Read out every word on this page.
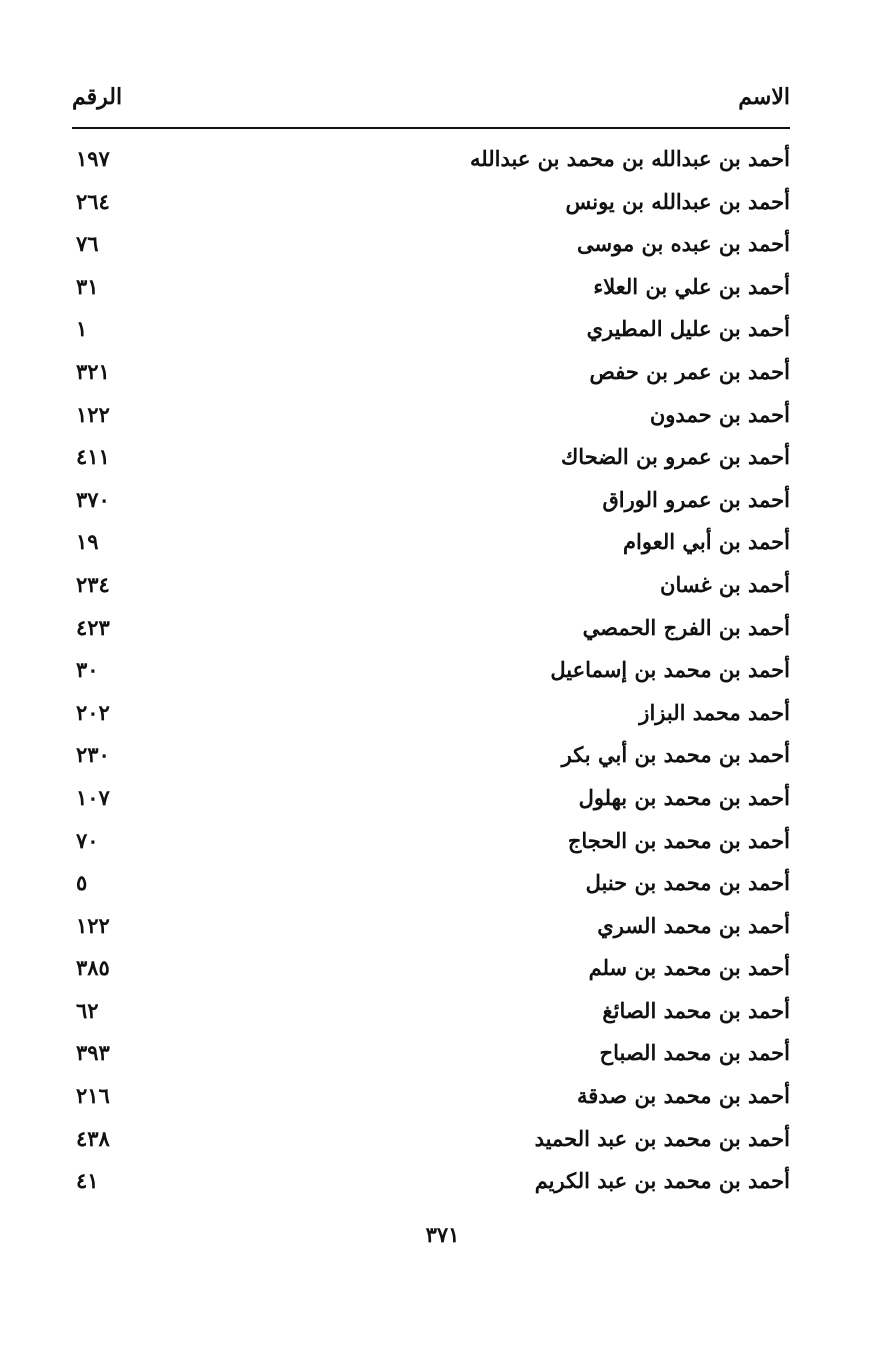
الاسم
الرقم
أحمد بن عبدالله بن محمد بن عبدالله
١٩٧
أحمد بن عبدالله بن يونس
٢٦٤
أحمد بن عبده بن موسى
٧٦
أحمد بن علي بن العلاء
٣١
أحمد بن عليل المطيري
١
أحمد بن عمر بن حفص
٣٢١
أحمد بن حمدون
١٢٢
أحمد بن عمرو بن الضحاك
٤١١
أحمد بن عمرو الوراق
٣٧٠
أحمد بن أبي العوام
١٩
أحمد بن غسان
٢٣٤
أحمد بن الفرج الحمصي
٤٢٣
أحمد بن محمد بن إسماعيل
٣٠
أحمد محمد البزاز
٢٠٢
أحمد بن محمد بن أبي بكر
٢٣٠
أحمد بن محمد بن بهلول
١٠٧
أحمد بن محمد بن الحجاج
٧٠
أحمد بن محمد بن حنبل
٥
أحمد بن محمد السري
١٢٢
أحمد بن محمد بن سلم
٣٨٥
أحمد بن محمد الصائغ
٦٢
أحمد بن محمد الصباح
٣٩٣
أحمد بن محمد بن صدقة
٢١٦
أحمد بن محمد بن عبد الحميد
٤٣٨
أحمد بن محمد بن عبد الكريم
٤١
٣٧١
